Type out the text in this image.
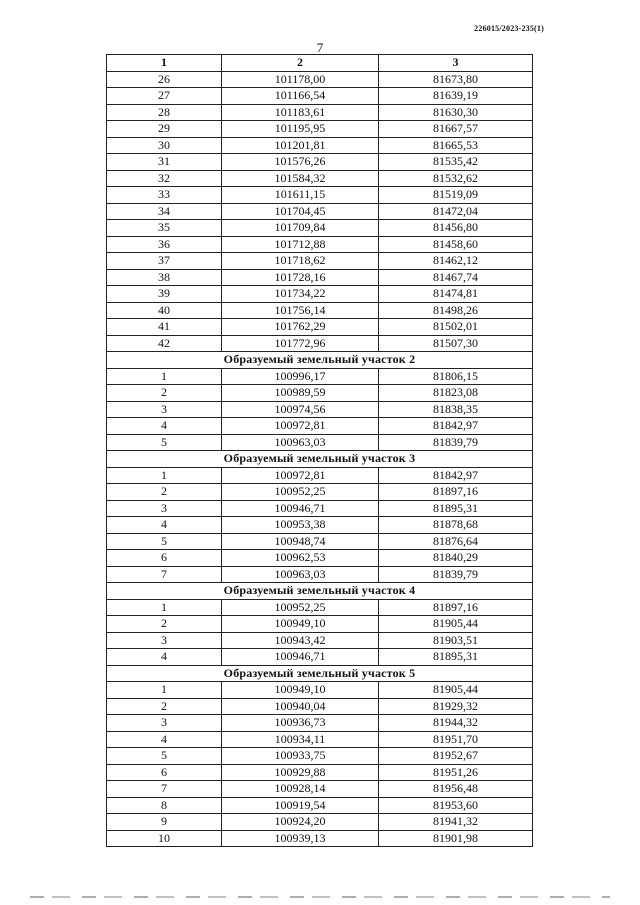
226015/2023-235(1)
7
1	2	3
26	101178,00	81673,80
27	101166,54	81639,19
28	101183,61	81630,30
29	101195,95	81667,57
30	101201,81	81665,53
31	101576,26	81535,42
32	101584,32	81532,62
33	101611,15	81519,09
34	101704,45	81472,04
35	101709,84	81456,80
36	101712,88	81458,60
37	101718,62	81462,12
38	101728,16	81467,74
39	101734,22	81474,81
40	101756,14	81498,26
41	101762,29	81502,01
42	101772,96	81507,30
Образуемый земельный участок 2		
1	100996,17	81806,15
2	100989,59	81823,08
3	100974,56	81838,35
4	100972,81	81842,97
5	100963,03	81839,79
Образуемый земельный участок 3		
1	100972,81	81842,97
2	100952,25	81897,16
3	100946,71	81895,31
4	100953,38	81878,68
5	100948,74	81876,64
6	100962,53	81840,29
7	100963,03	81839,79
Образуемый земельный участок 4		
1	100952,25	81897,16
2	100949,10	81905,44
3	100943,42	81903,51
4	100946,71	81895,31
Образуемый земельный участок 5		
1	100949,10	81905,44
2	100940,04	81929,32
3	100936,73	81944,32
4	100934,11	81951,70
5	100933,75	81952,67
6	100929,88	81951,26
7	100928,14	81956,48
8	100919,54	81953,60
9	100924,20	81941,32
10	100939,13	81901,98
